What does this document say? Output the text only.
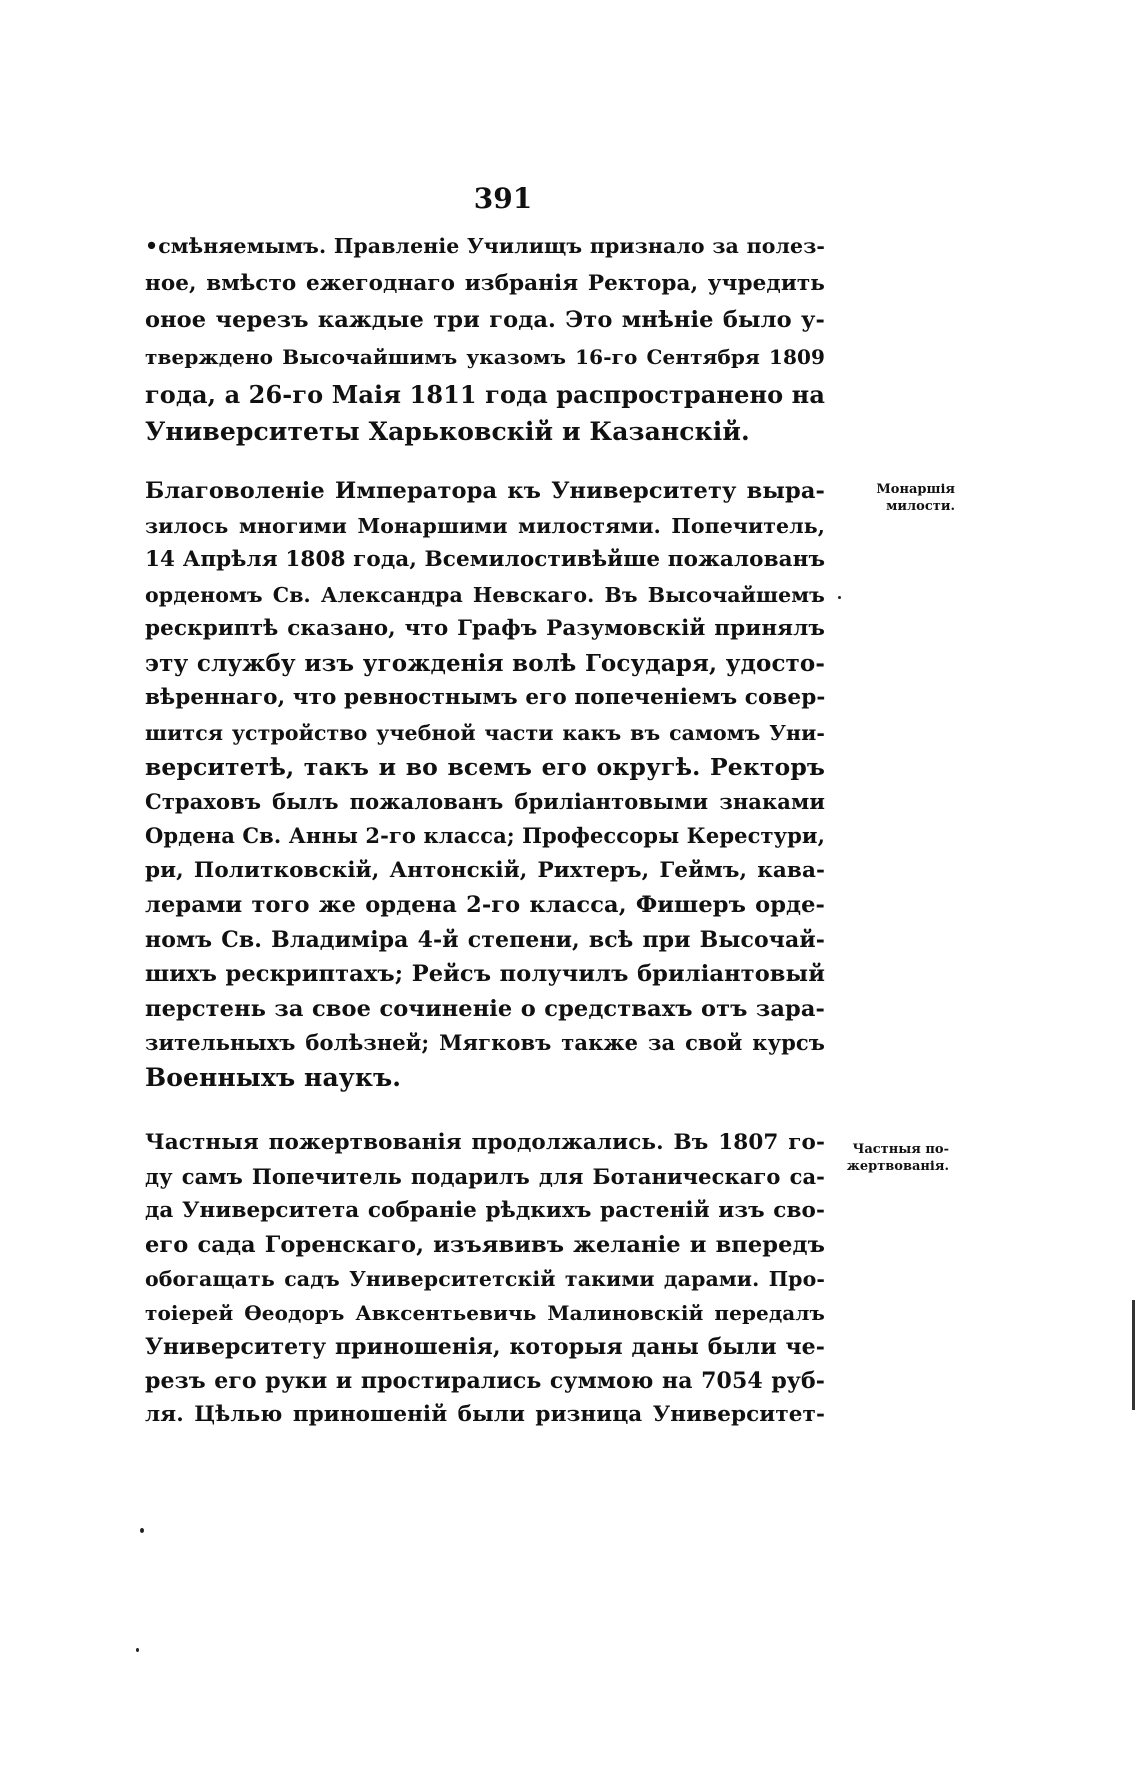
391
•смѣняемымъ. Правленіе Училищъ признало за полез-
ное, вмѣсто ежегоднаго избранія Ректора, учредить
оное черезъ каждые три года. Это мнѣніе было у-
тверждено Высочайшимъ указомъ 16-го Сентября 1809
года, а 26-го Маія 1811 года распространено на
Университеты Харьковскій и Казанскій.
Благоволеніе Императора къ Университету выра-
зилось многими Монаршими милостями. Попечитель,
14 Апрѣля 1808 года, Всемилостивѣйше пожалованъ
орденомъ Св. Александра Невскаго. Въ Высочайшемъ
рескриптѣ сказано, что Графъ Разумовскій принялъ
эту службу изъ угожденія волѣ Государя, удосто-
вѣреннаго, что ревностнымъ его попеченіемъ совер-
шится устройство учебной части какъ въ самомъ Уни-
верситетѣ, такъ и во всемъ его округѣ. Ректоръ
Страховъ былъ пожалованъ бриліантовыми знаками
Ордена Св. Анны 2-го класса; Профессоры Керестури,
ри, Политковскій, Антонскій, Рихтеръ, Геймъ, кава-
лерами того же ордена 2-го класса, Фишеръ орде-
номъ Св. Владиміра 4-й степени, всѣ при Высочай-
шихъ рескриптахъ; Рейсъ получилъ бриліантовый
перстень за свое сочиненіе о средствахъ отъ зара-
зительныхъ болѣзней; Мягковъ также за свой курсъ
Военныхъ наукъ.
Частныя пожертвованія продолжались. Въ 1807 го-
ду самъ Попечитель подарилъ для Ботаническаго са-
да Университета собраніе рѣдкихъ растеній изъ сво-
его сада Горенскаго, изъявивъ желаніе и впередъ
обогащать садъ Университетскій такими дарами. Про-
тоіерей Ѳеодоръ Авксентьевичь Малиновскій передалъ
Университету приношенія, которыя даны были че-
резъ его руки и простирались суммою на 7054 руб-
ля. Цѣлью приношеній были ризница Университет-
Монаршія
милости.
Частныя по-
жертвованія.
